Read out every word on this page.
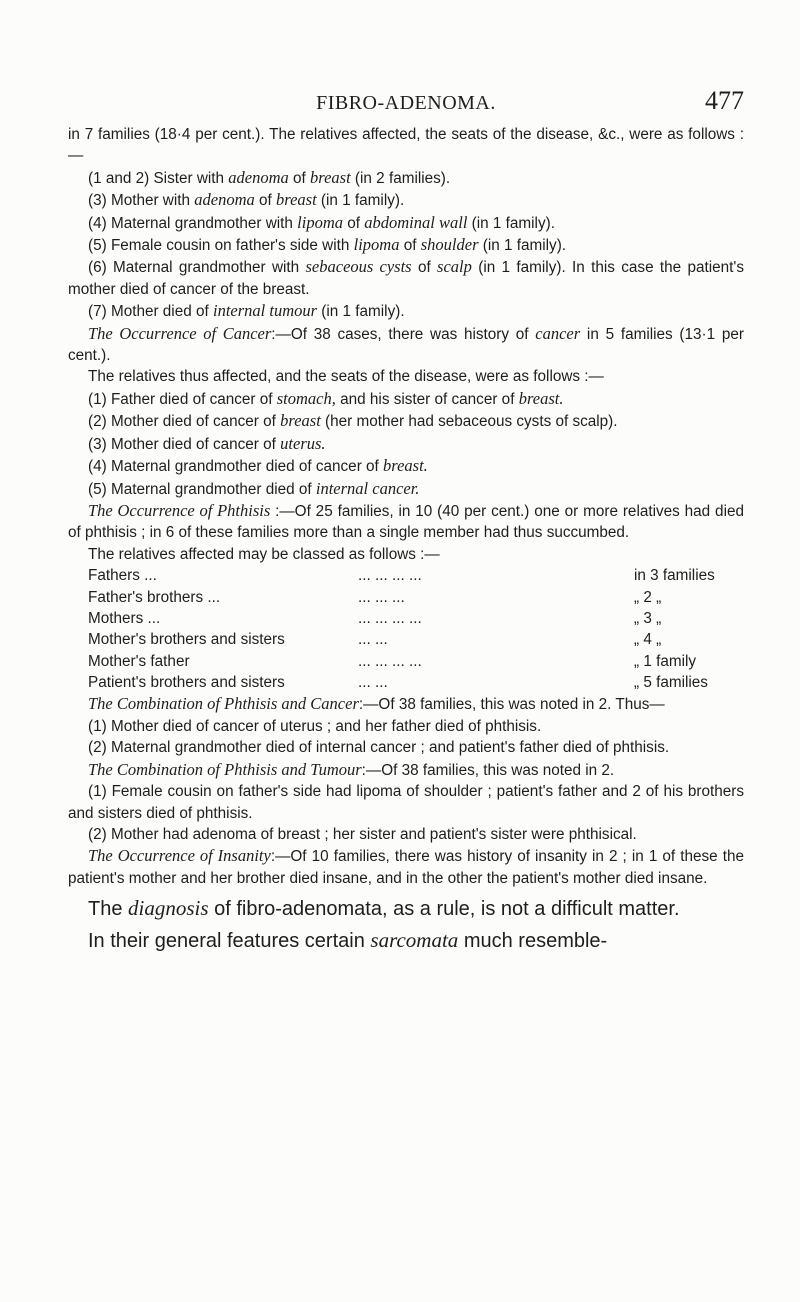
FIBRO-ADENOMA.	477

in 7 families (18·4 per cent.). The relatives affected, the seats of the disease, &c., were as follows :—

(1 and 2) Sister with adenoma of breast (in 2 families).

(3) Mother with adenoma of breast (in 1 family).

(4) Maternal grandmother with lipoma of abdominal wall (in 1 family).

(5) Female cousin on father's side with lipoma of shoulder (in 1 family).

(6) Maternal grandmother with sebaceous cysts of scalp (in 1 family). In this case the patient's mother died of cancer of the breast.

(7) Mother died of internal tumour (in 1 family).

The Occurrence of Cancer:—Of 38 cases, there was history of cancer in 5 families (13·1 per cent.).

The relatives thus affected, and the seats of the disease, were as follows :—

(1) Father died of cancer of stomach, and his sister of cancer of breast.

(2) Mother died of cancer of breast (her mother had sebaceous cysts of scalp).

(3) Mother died of cancer of uterus.

(4) Maternal grandmother died of cancer of breast.

(5) Maternal grandmother died of internal cancer.

The Occurrence of Phthisis :—Of 25 families, in 10 (40 per cent.) one or more relatives had died of phthisis ; in 6 of these families more than a single member had thus succumbed.

The relatives affected may be classed as follows :—

Fathers ...	... ... ... ...	in 3 families
Father's brothers ...	... ... ...	„ 2 „
Mothers ...	... ... ... ...	„ 3 „
Mother's brothers and sisters	... ...	„ 4 „
Mother's father	... ... ... ...	„ 1 family
Patient's brothers and sisters	... ...	„ 5 families

The Combination of Phthisis and Cancer:—Of 38 families, this was noted in 2. Thus—

(1) Mother died of cancer of uterus ; and her father died of phthisis.

(2) Maternal grandmother died of internal cancer ; and patient's father died of phthisis.

The Combination of Phthisis and Tumour:—Of 38 families, this was noted in 2.

(1) Female cousin on father's side had lipoma of shoulder ; patient's father and 2 of his brothers and sisters died of phthisis.

(2) Mother had adenoma of breast ; her sister and patient's sister were phthisical.

The Occurrence of Insanity:—Of 10 families, there was history of insanity in 2 ; in 1 of these the patient's mother and her brother died insane, and in the other the patient's mother died insane.

The diagnosis of fibro-adenomata, as a rule, is not a difficult matter.

In their general features certain sarcomata much resemble-
